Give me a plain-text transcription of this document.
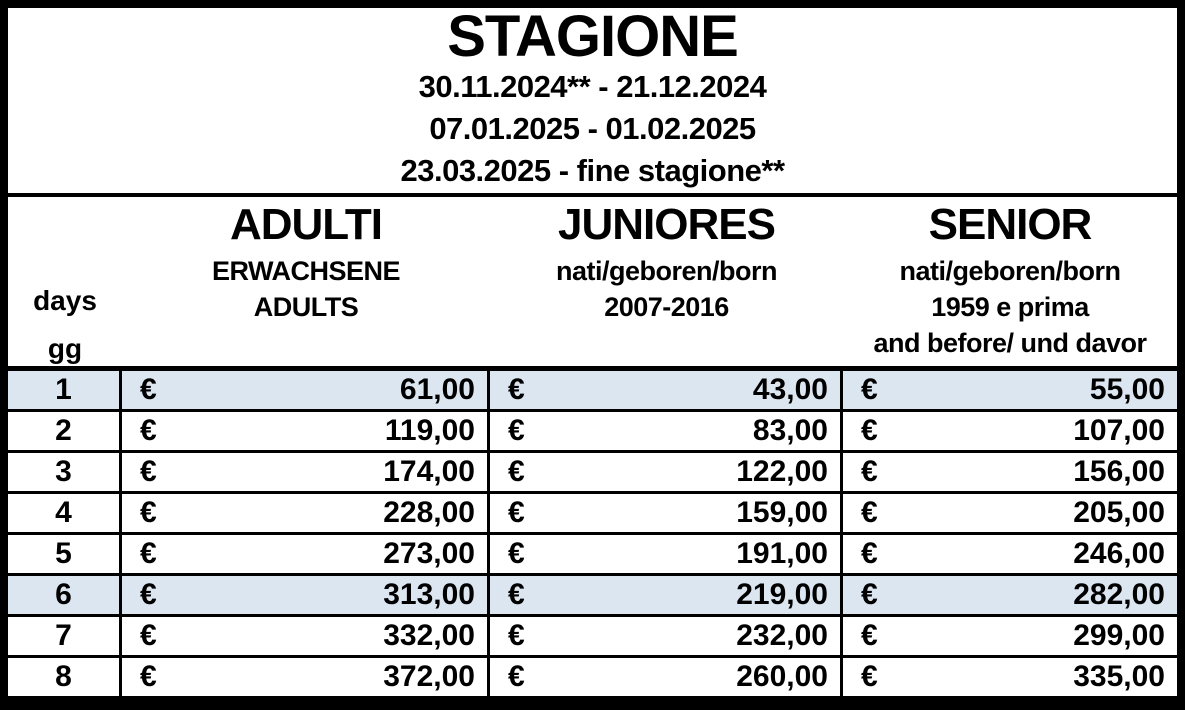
STAGIONE
30.11.2024** - 21.12.2024
07.01.2025 - 01.02.2025
23.03.2025 - fine stagione**
days
gg
ADULTI
ERWACHSENE
ADULTS
JUNIORES
nati/geboren/born
2007-2016
SENIOR
nati/geboren/born
1959 e prima
and before/ und davor
1	€	61,00	€	43,00	€	55,00
2	€	119,00	€	83,00	€	107,00
3	€	174,00	€	122,00	€	156,00
4	€	228,00	€	159,00	€	205,00
5	€	273,00	€	191,00	€	246,00
6	€	313,00	€	219,00	€	282,00
7	€	332,00	€	232,00	€	299,00
8	€	372,00	€	260,00	€	335,00
